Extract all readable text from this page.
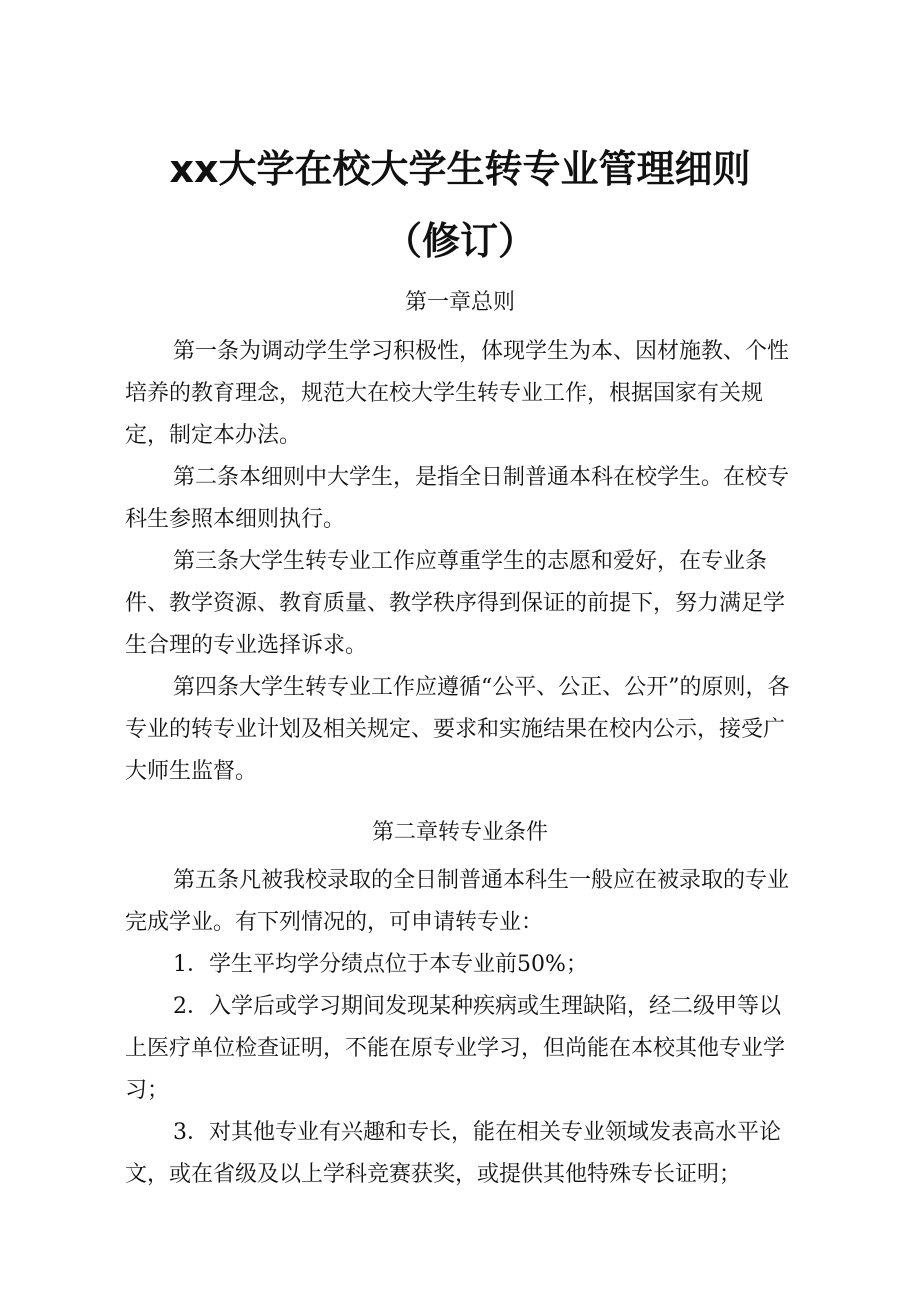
xx大学在校大学生转专业管理细则
（修订）
第一章总则

第一条为调动学生学习积极性，体现学生为本、因材施教、个性培养的教育理念，规范大在校大学生转专业工作，根据国家有关规定，制定本办法。

第二条本细则中大学生，是指全日制普通本科在校学生。在校专科生参照本细则执行。

第三条大学生转专业工作应尊重学生的志愿和爱好，在专业条件、教学资源、教育质量、教学秩序得到保证的前提下，努力满足学生合理的专业选择诉求。

第四条大学生转专业工作应遵循“公平、公正、公开”的原则，各专业的转专业计划及相关规定、要求和实施结果在校内公示，接受广大师生监督。

第二章转专业条件

第五条凡被我校录取的全日制普通本科生一般应在被录取的专业完成学业。有下列情况的，可申请转专业：

1．学生平均学分绩点位于本专业前50%；

2．入学后或学习期间发现某种疾病或生理缺陷，经二级甲等以上医疗单位检查证明，不能在原专业学习，但尚能在本校其他专业学习；

3．对其他专业有兴趣和专长，能在相关专业领域发表高水平论文，或在省级及以上学科竞赛获奖，或提供其他特殊专长证明；
